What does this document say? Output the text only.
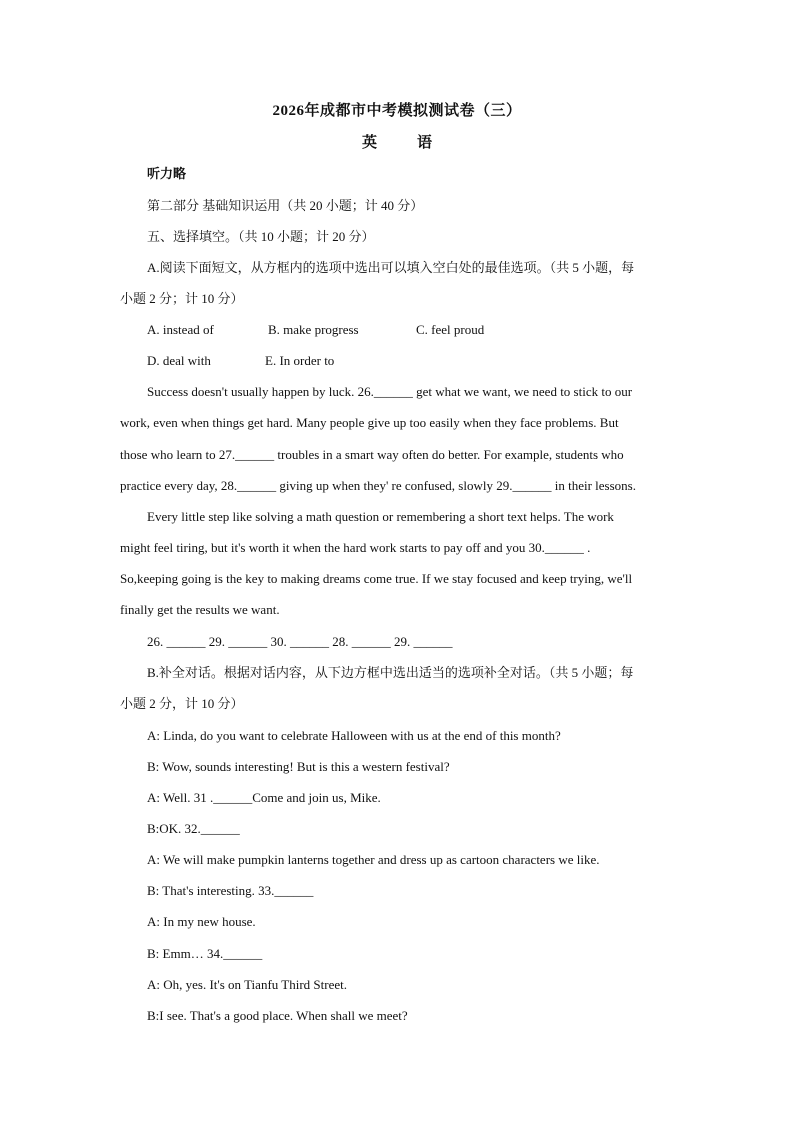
2026年成都市中考模拟测试卷（三）
英	语
听力略
第二部分 基础知识运用（共 20 小题；计 40 分）
五、选择填空。（共 10 小题；计 20 分）
A.阅读下面短文，从方框内的选项中选出可以填入空白处的最佳选项。（共 5 小题，每
小题 2 分；计 10 分）
A. instead of	B. make progress	C. feel proud
D. deal with	E. In order to
Success doesn't usually happen by luck. 26.______ get what we want, we need to stick to our
work, even when things get hard. Many people give up too easily when they face problems. But
those who learn to 27.______ troubles in a smart way often do better. For example, students who
practice every day, 28.______ giving up when they' re confused, slowly 29.______ in their lessons.
Every little step like solving a math question or remembering a short text helps. The work
might feel tiring, but it's worth it when the hard work starts to pay off and you 30.______ .
So,keeping going is the key to making dreams come true. If we stay focused and keep trying, we'll
finally get the results we want.
26. ______ 29. ______ 30. ______ 28. ______ 29. ______
B.补全对话。根据对话内容，从下边方框中选出适当的选项补全对话。（共 5 小题；每
小题 2 分，计 10 分）
A: Linda, do you want to celebrate Halloween with us at the end of this month?
B: Wow, sounds interesting! But is this a western festival?
A: Well. 31 .______Come and join us, Mike.
B:OK. 32.______
A: We will make pumpkin lanterns together and dress up as cartoon characters we like.
B: That's interesting. 33.______
A: In my new house.
B: Emm… 34.______
A: Oh, yes. It's on Tianfu Third Street.
B:I see. That's a good place. When shall we meet?
